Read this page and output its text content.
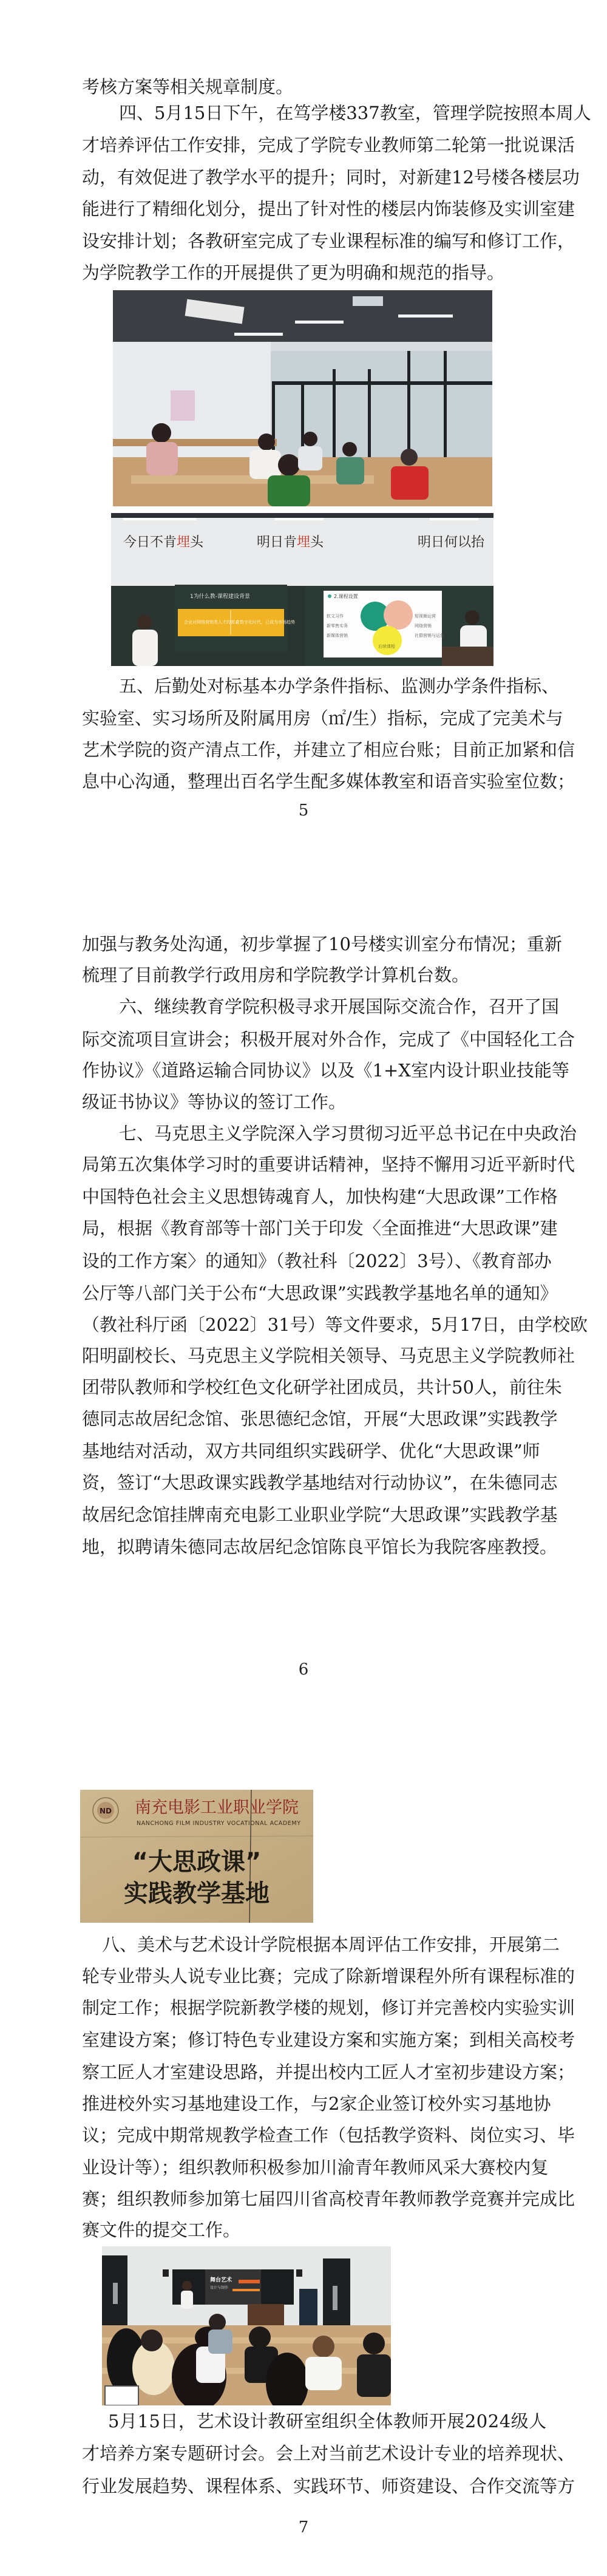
考核方案等相关规章制度。
四、5月15日下午，在笃学楼337教室，管理学院按照本周人
才培养评估工作安排，完成了学院专业教师第二轮第一批说课活
动，有效促进了教学水平的提升；同时，对新建12号楼各楼层功
能进行了精细化划分，提出了针对性的楼层内饰装修及实训室建
设安排计划；各教研室完成了专业课程标准的编写和修订工作，
为学院教学工作的开展提供了更为明确和规范的指导。
今日不肯埋头	明日肯埋头	明日何以抬
1为什么教-课程建设背景
企业对网络营销类人才的需求
在数字化时代，已成为市场趋势
2.课程设置
软文习作
新零售实务
新媒体营销
短视频运营
网络营销
社群营销与运营
后续课程
五、后勤处对标基本办学条件指标、监测办学条件指标、
实验室、实习场所及附属用房（㎡/生）指标，完成了完美术与
艺术学院的资产清点工作，并建立了相应台账；目前正加紧和信
息中心沟通，整理出百名学生配多媒体教室和语音实验室位数；
5
加强与教务处沟通，初步掌握了10号楼实训室分布情况；重新
梳理了目前教学行政用房和学院教学计算机台数。
六、继续教育学院积极寻求开展国际交流合作，召开了国
际交流项目宣讲会；积极开展对外合作，完成了《中国轻化工合
作协议》《道路运输合同协议》以及《1+X室内设计职业技能等
级证书协议》等协议的签订工作。
七、马克思主义学院深入学习贯彻习近平总书记在中央政治
局第五次集体学习时的重要讲话精神，坚持不懈用习近平新时代
中国特色社会主义思想铸魂育人，加快构建“大思政课”工作格
局，根据《教育部等十部门关于印发〈全面推进“大思政课”建
设的工作方案〉的通知》（教社科〔2022〕3号）、《教育部办
公厅等八部门关于公布“大思政课”实践教学基地名单的通知》
（教社科厅函〔2022〕31号）等文件要求，5月17日，由学校欧
阳明副校长、马克思主义学院相关领导、马克思主义学院教师社
团带队教师和学校红色文化研学社团成员，共计50人，前往朱
德同志故居纪念馆、张思德纪念馆，开展“大思政课”实践教学
基地结对活动，双方共同组织实践研学、优化“大思政课”师
资，签订“大思政课实践教学基地结对行动协议”，在朱德同志
故居纪念馆挂牌南充电影工业职业学院“大思政课”实践教学基
地，拟聘请朱德同志故居纪念馆陈良平馆长为我院客座教授。
6
ND 南充电影工业职业学院
NANCHONG FILM INDUSTRY VOCATIONAL ACADEMY
“大思政课”
实践教学基地
八、美术与艺术设计学院根据本周评估工作安排，开展第二
轮专业带头人说专业比赛；完成了除新增课程外所有课程标准的
制定工作；根据学院新教学楼的规划，修订并完善校内实验实训
室建设方案；修订特色专业建设方案和实施方案；到相关高校考
察工匠人才室建设思路，并提出校内工匠人才室初步建设方案；
推进校外实习基地建设工作，与2家企业签订校外实习基地协
议；完成中期常规教学检查工作（包括教学资料、岗位实习、毕
业设计等）；组织教师积极参加川渝青年教师风采大赛校内复
赛；组织教师参加第七届四川省高校青年教师教学竞赛并完成比
赛文件的提交工作。
舞台艺术
设计与制作
5月15日，艺术设计教研室组织全体教师开展2024级人
才培养方案专题研讨会。会上对当前艺术设计专业的培养现状、
行业发展趋势、课程体系、实践环节、师资建设、合作交流等方
7
